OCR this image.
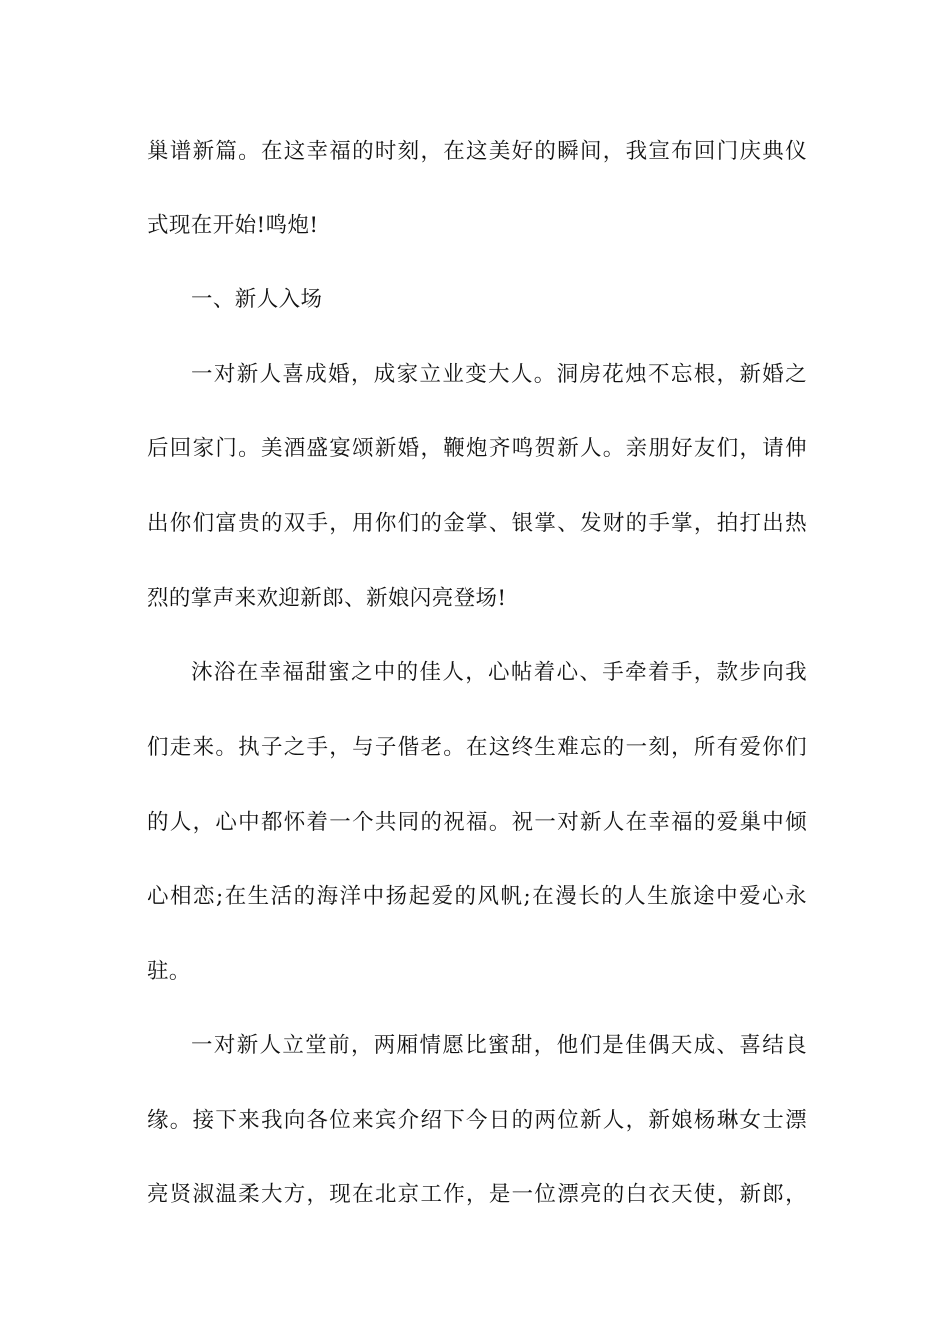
巢谱新篇。在这幸福的时刻，在这美好的瞬间，我宣布回门庆典仪
式现在开始!鸣炮!
一、新人入场
一对新人喜成婚，成家立业变大人。洞房花烛不忘根，新婚之
后回家门。美酒盛宴颂新婚，鞭炮齐鸣贺新人。亲朋好友们，请伸
出你们富贵的双手，用你们的金掌、银掌、发财的手掌，拍打出热
烈的掌声来欢迎新郎、新娘闪亮登场!
沐浴在幸福甜蜜之中的佳人，心帖着心、手牵着手，款步向我
们走来。执子之手，与子偕老。在这终生难忘的一刻，所有爱你们
的人，心中都怀着一个共同的祝福。祝一对新人在幸福的爱巢中倾
心相恋;在生活的海洋中扬起爱的风帆;在漫长的人生旅途中爱心永
驻。
一对新人立堂前，两厢情愿比蜜甜，他们是佳偶天成、喜结良
缘。接下来我向各位来宾介绍下今日的两位新人，新娘杨琳女士漂
亮贤淑温柔大方，现在北京工作，是一位漂亮的白衣天使，新郎，
